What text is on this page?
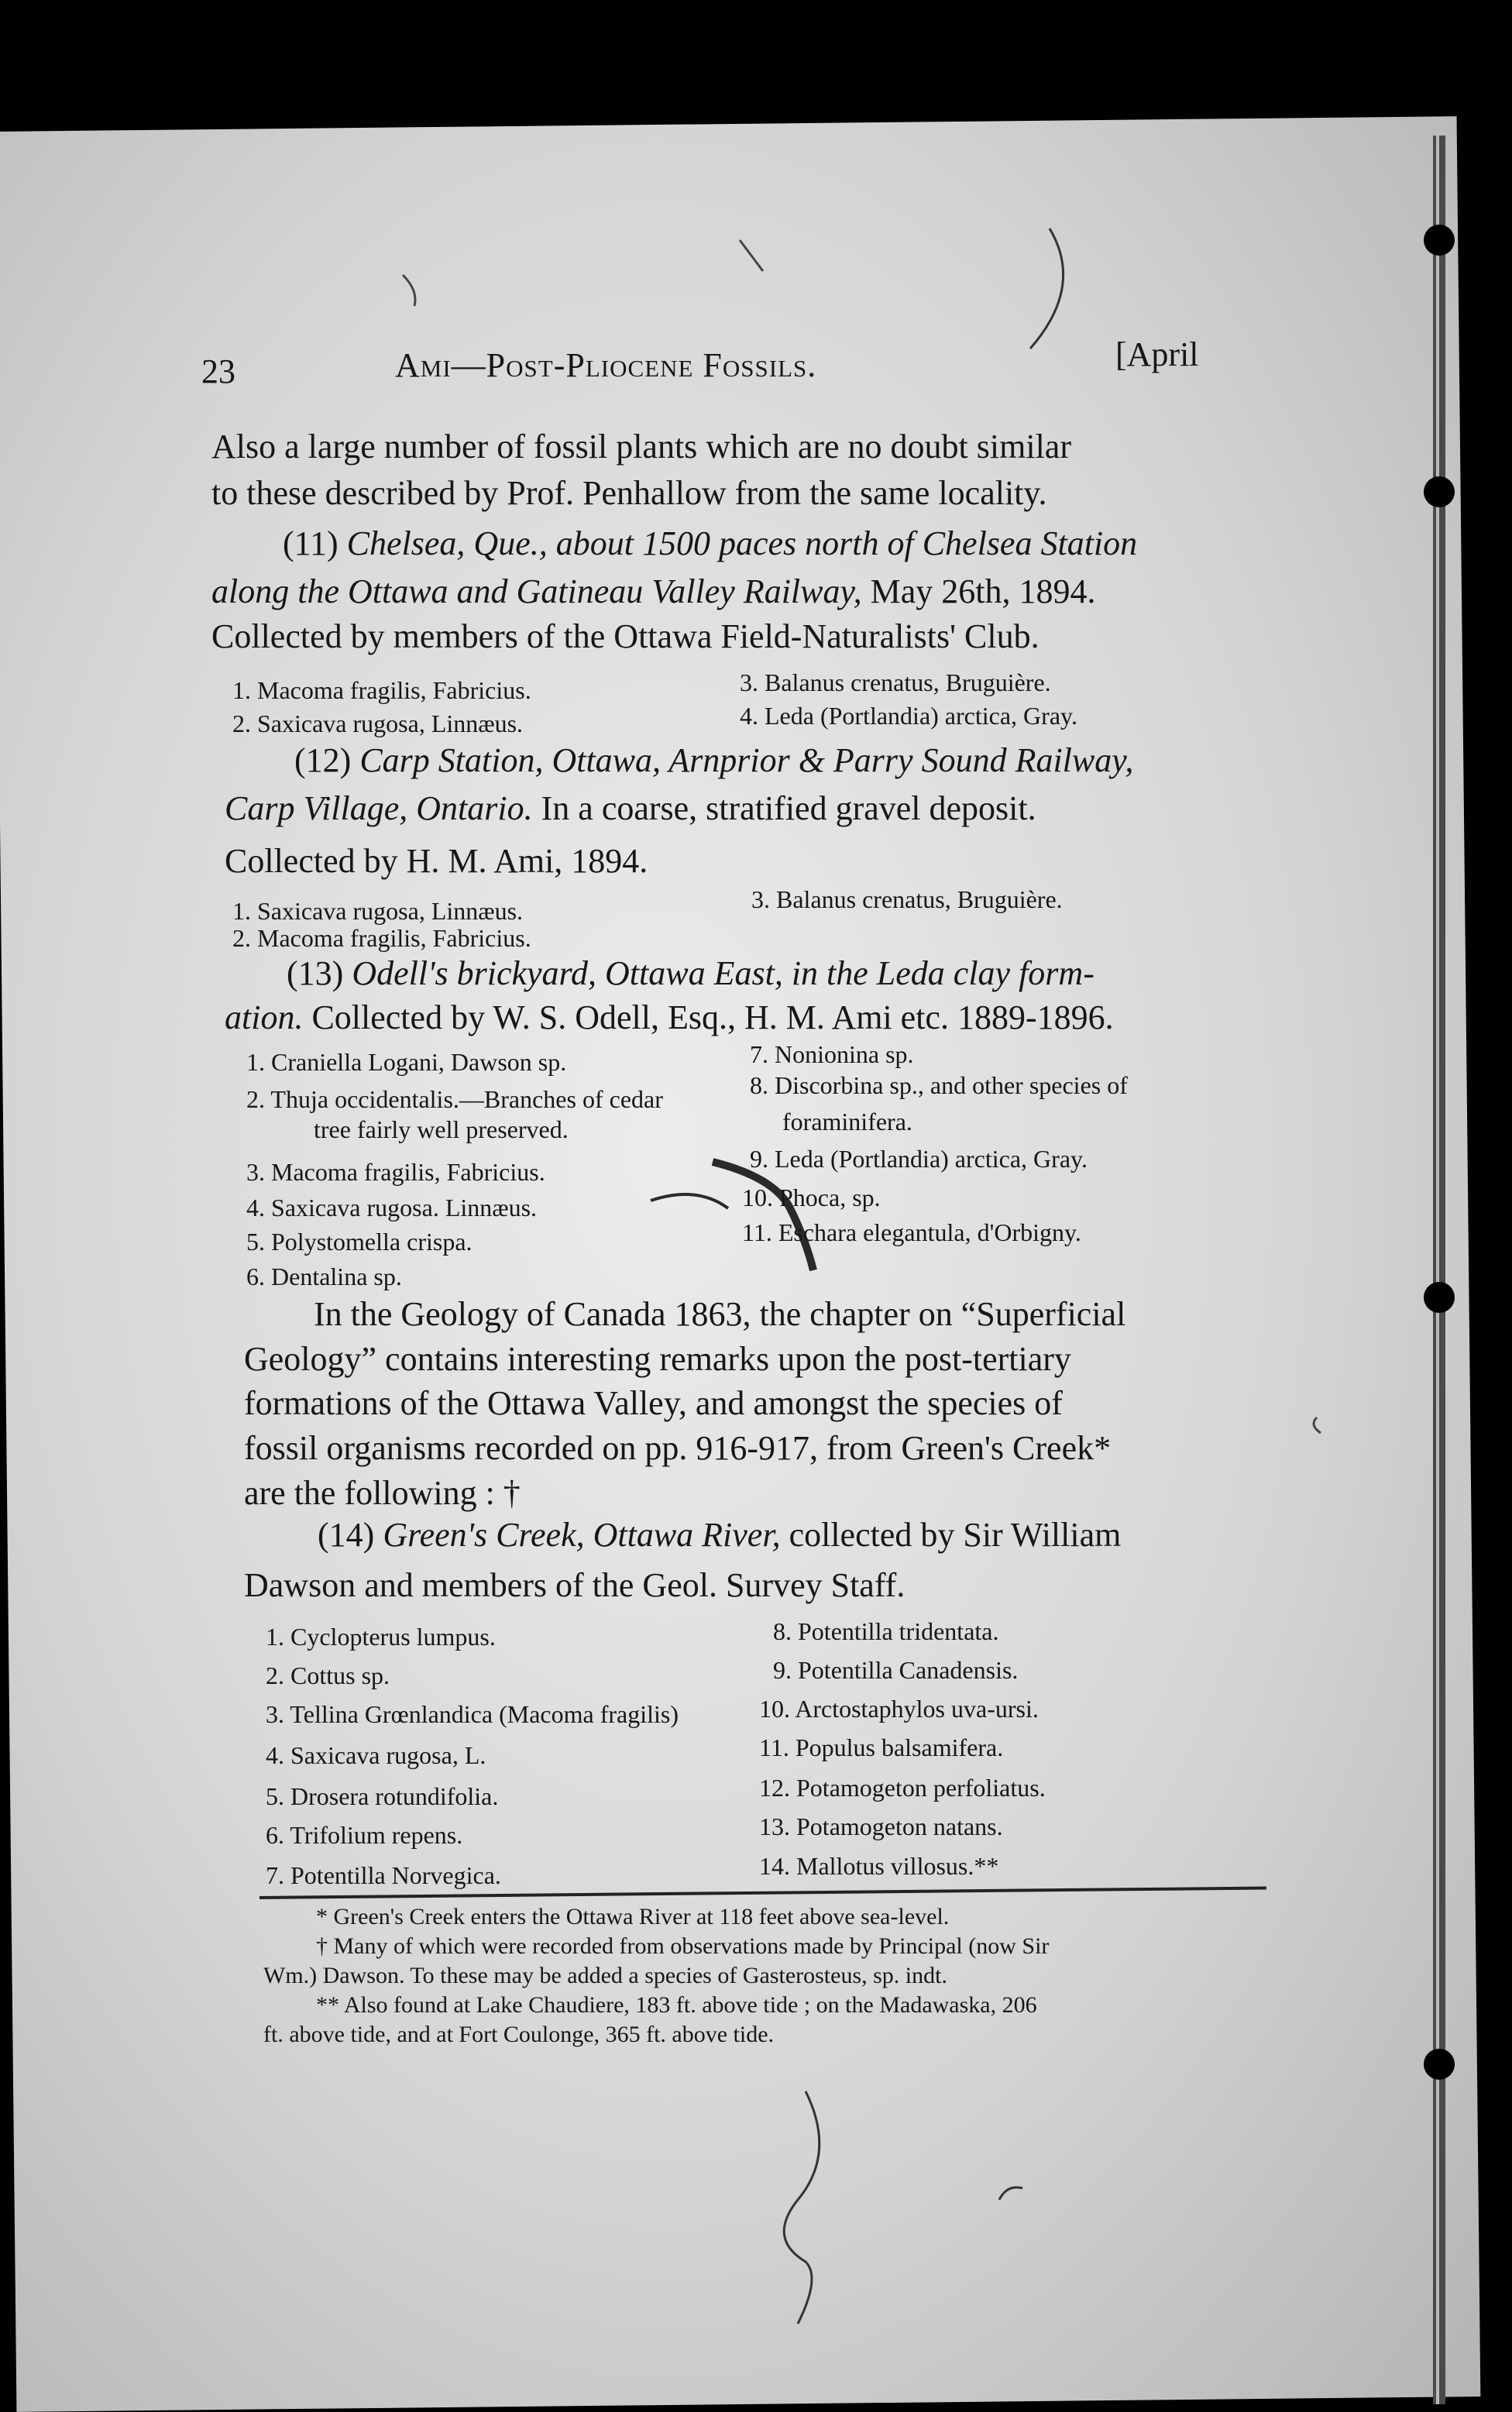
23	Ami—Post-Pliocene Fossils.	[April
Also a large number of fossil plants which are no doubt similar
to these described by Prof. Penhallow from the same locality.
(11) Chelsea, Que., about 1500 paces north of Chelsea Station
along the Ottawa and Gatineau Valley Railway, May 26th, 1894.
Collected by members of the Ottawa Field-Naturalists' Club.
1. Macoma fragilis, Fabricius.
2. Saxicava rugosa, Linnæus.
3. Balanus crenatus, Bruguière.
4. Leda (Portlandia) arctica, Gray.
(12) Carp Station, Ottawa, Arnprior & Parry Sound Railway,
Carp Village, Ontario. In a coarse, stratified gravel deposit.
Collected by H. M. Ami, 1894.
1. Saxicava rugosa, Linnæus.
2. Macoma fragilis, Fabricius.
3. Balanus crenatus, Bruguière.
(13) Odell's brickyard, Ottawa East, in the Leda clay form-
ation. Collected by W. S. Odell, Esq., H. M. Ami etc. 1889-1896.
1. Craniella Logani, Dawson sp.
2. Thuja occidentalis.—Branches of cedar
tree fairly well preserved.
3. Macoma fragilis, Fabricius.
4. Saxicava rugosa. Linnæus.
5. Polystomella crispa.
6. Dentalina sp.
7. Nonionina sp.
8. Discorbina sp., and other species of
foraminifera.
9. Leda (Portlandia) arctica, Gray.
10. Phoca, sp.
11. Eschara elegantula, d'Orbigny.
In the Geology of Canada 1863, the chapter on “Superficial
Geology” contains interesting remarks upon the post-tertiary
formations of the Ottawa Valley, and amongst the species of
fossil organisms recorded on pp. 916-917, from Green's Creek*
are the following : †
(14) Green's Creek, Ottawa River, collected by Sir William
Dawson and members of the Geol. Survey Staff.
1. Cyclopterus lumpus.
2. Cottus sp.
3. Tellina Grœnlandica (Macoma fragilis)
4. Saxicava rugosa, L.
5. Drosera rotundifolia.
6. Trifolium repens.
7. Potentilla Norvegica.
8. Potentilla tridentata.
9. Potentilla Canadensis.
10. Arctostaphylos uva-ursi.
11. Populus balsamifera.
12. Potamogeton perfoliatus.
13. Potamogeton natans.
14. Mallotus villosus.**
* Green's Creek enters the Ottawa River at 118 feet above sea-level.
† Many of which were recorded from observations made by Principal (now Sir
Wm.) Dawson. To these may be added a species of Gasterosteus, sp. indt.
** Also found at Lake Chaudiere, 183 ft. above tide ; on the Madawaska, 206
ft. above tide, and at Fort Coulonge, 365 ft. above tide.
